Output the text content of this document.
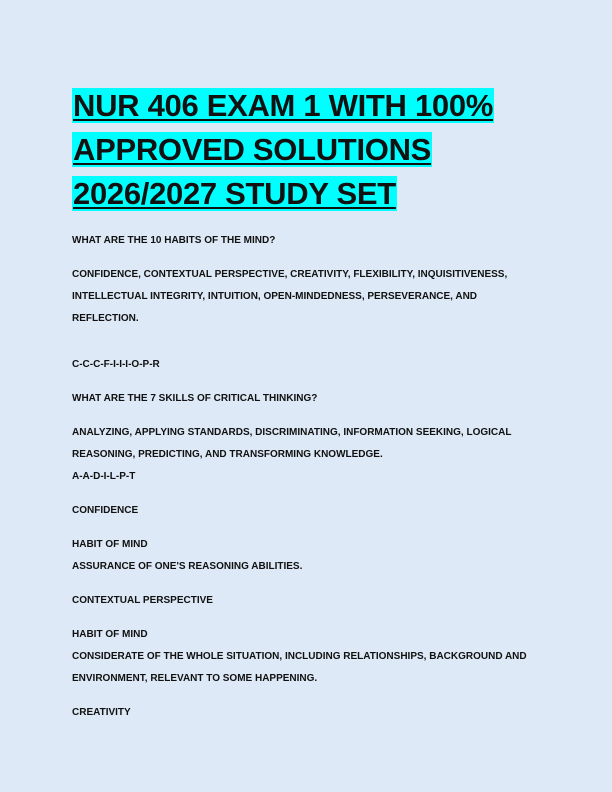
NUR 406 EXAM 1 WITH 100%
APPROVED SOLUTIONS
2026/2027 STUDY SET

WHAT ARE THE 10 HABITS OF THE MIND?

CONFIDENCE, CONTEXTUAL PERSPECTIVE, CREATIVITY, FLEXIBILITY, INQUISITIVENESS,

INTELLECTUAL INTEGRITY, INTUITION, OPEN-MINDEDNESS, PERSEVERANCE, AND REFLECTION.

C-C-C-F-I-I-I-O-P-R

WHAT ARE THE 7 SKILLS OF CRITICAL THINKING?

ANALYZING, APPLYING STANDARDS, DISCRIMINATING, INFORMATION SEEKING, LOGICAL

REASONING, PREDICTING, AND TRANSFORMING KNOWLEDGE.

A-A-D-I-L-P-T

CONFIDENCE

HABIT OF MIND

ASSURANCE OF ONE'S REASONING ABILITIES.

CONTEXTUAL PERSPECTIVE

HABIT OF MIND

CONSIDERATE OF THE WHOLE SITUATION, INCLUDING RELATIONSHIPS, BACKGROUND AND

ENVIRONMENT, RELEVANT TO SOME HAPPENING.

CREATIVITY
